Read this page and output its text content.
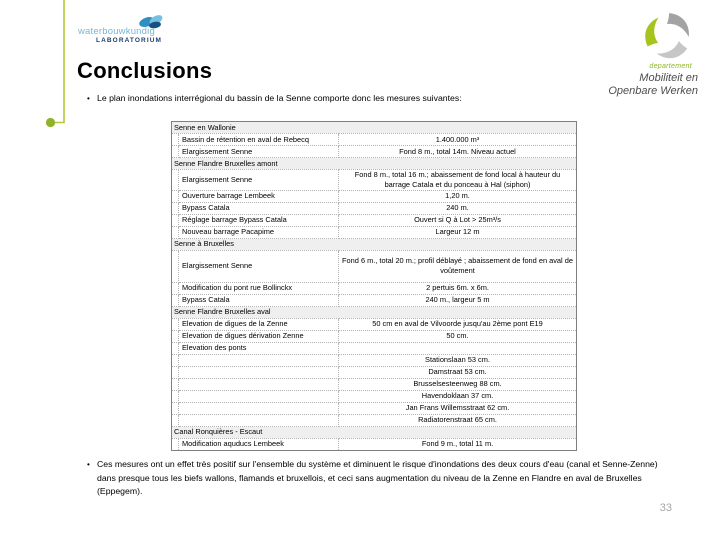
waterbouwkundig
LABORATORIUM
departement
Mobiliteit en
Openbare Werken
Conclusions
• Le plan inondations interrégional du bassin de la Senne comporte donc les mesures suivantes:
Senne en Wallonie		
	Bassin de rétention en aval de Rebecq	1.400.000 m³
	Elargissement Senne	Fond 8 m., total 14m. Niveau actuel
Senne Flandre Bruxelles amont		
	Elargissement Senne	Fond 8 m., total 16 m.; abaissement de fond local à hauteur du barrage Catala et du ponceau à Hal (siphon)
	Ouverture barrage Lembeek	1,20 m.
	Bypass Catala	240 m.
	Réglage barrage Bypass Catala	Ouvert si Q à Lot > 25m³/s
	Nouveau barrage Pacapime	Largeur 12 m
Senne à Bruxelles		
	Elargissement Senne	Fond 6 m., total 20 m.; profil déblayé ; abaissement de fond en aval de voûtement
	Modification du pont rue Bollinckx	2 pertuis 6m. x 6m.
	Bypass Catala	240 m., largeur 5 m
Senne Flandre Bruxelles aval		
	Elevation de digues de la Zenne	50 cm en aval de Vilvoorde jusqu'au 2ème pont E19
	Elevation de digues dérivation Zenne	50 cm.
	Elevation des ponts	
		Stationslaan 53 cm.
		Damstraat 53 cm.
		Brusselsesteenweg 88 cm.
		Havendoklaan 37 cm.
		Jan Frans Willemsstraat 62 cm.
		Radiatorenstraat 65 cm.
Canal Ronquières - Escaut		
	Modification aquducs Lembeek	Fond 9 m., total 11 m.
• Ces mesures ont un effet très positif sur l'ensemble du système et diminuent le risque d'inondations des deux cours d'eau (canal et Senne-Zenne) dans presque tous les biefs wallons, flamands et bruxellois, et ceci sans augmentation du niveau de la Zenne en Flandre en aval de Bruxelles (Eppegem).
33
